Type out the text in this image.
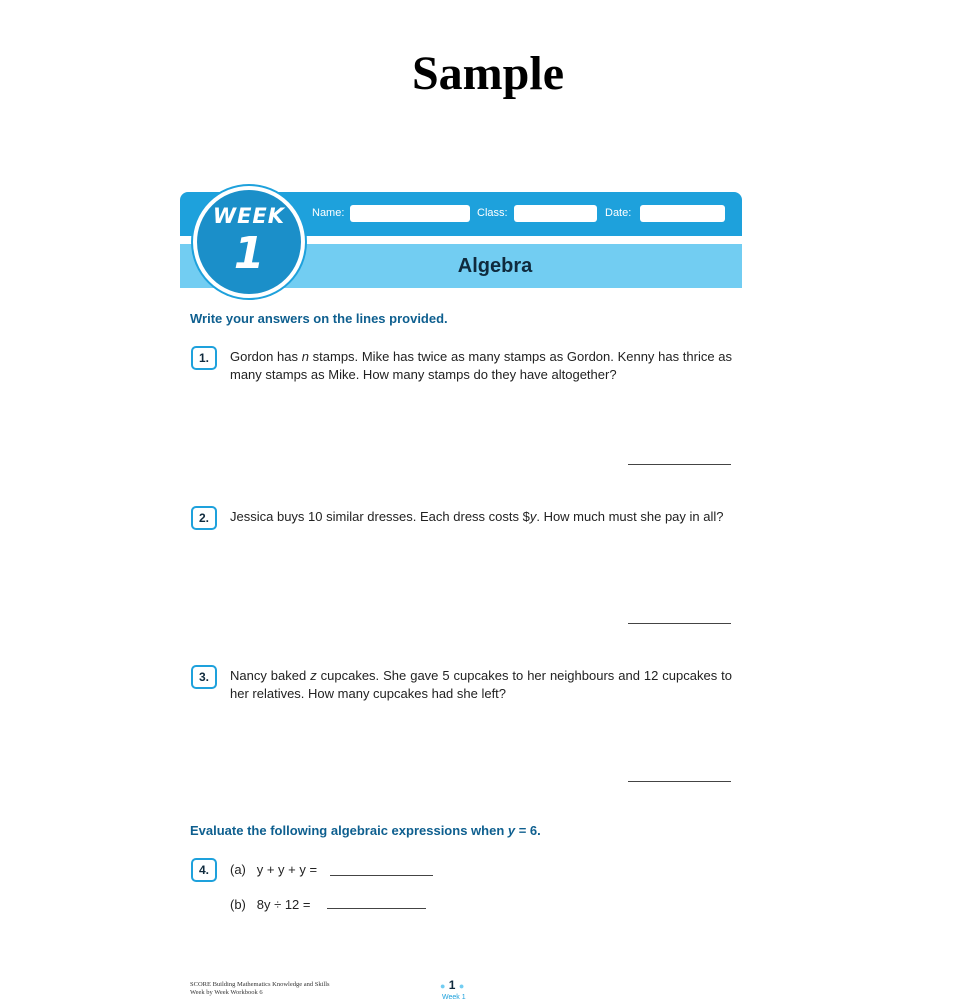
Sample
WEEK
1
Name:	Class:	Date:
Algebra
Write your answers on the lines provided.
1.	Gordon has n stamps. Mike has twice as many stamps as Gordon. Kenny has thrice as many stamps as Mike. How many stamps do they have altogether?
2.	Jessica buys 10 similar dresses. Each dress costs $y. How much must she pay in all?
3.	Nancy baked z cupcakes. She gave 5 cupcakes to her neighbours and 12 cupcakes to her relatives. How many cupcakes had she left?
Evaluate the following algebraic expressions when y = 6.
4.	(a) y + y + y =
(b) 8y ÷ 12 =
SCORE Building Mathematics Knowledge and Skills
Week by Week Workbook 6
● 1 ●
Week 1
